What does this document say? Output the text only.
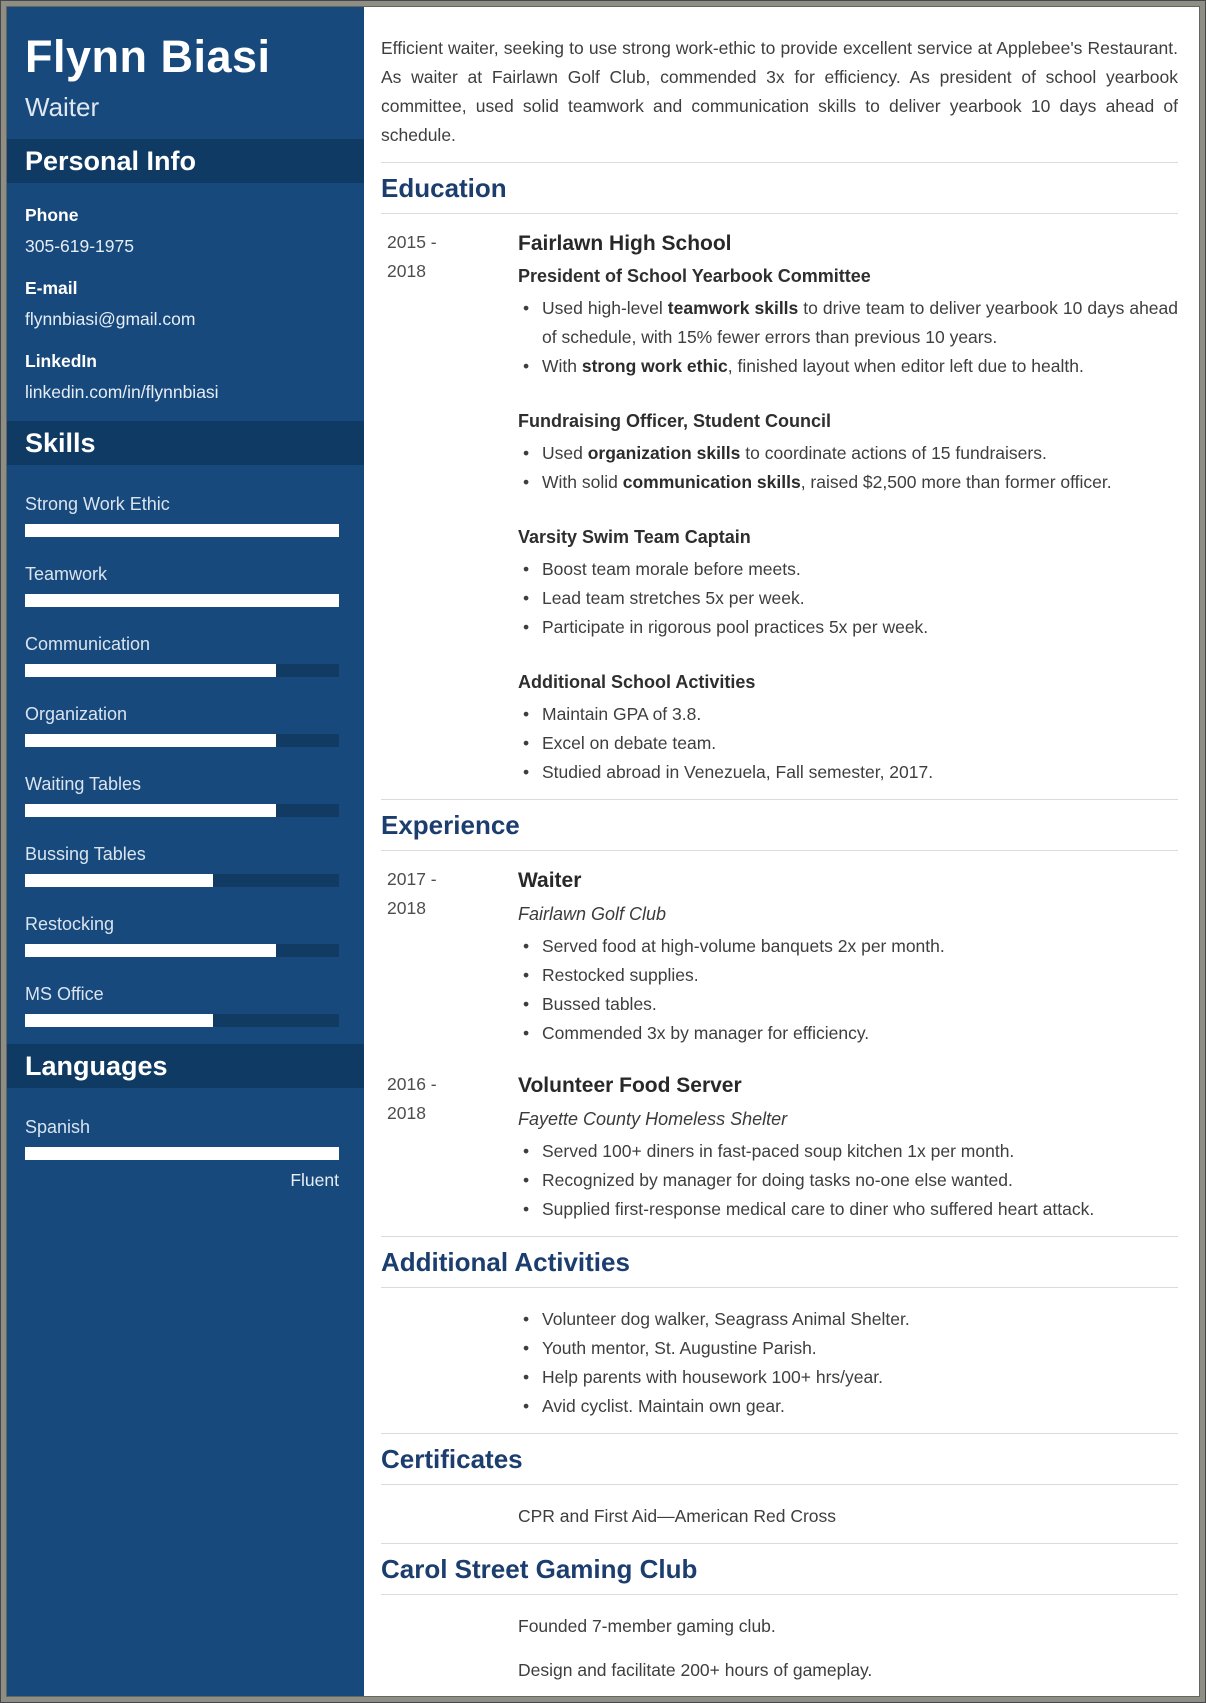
Flynn Biasi
Waiter
Personal Info
Phone
305-619-1975
E-mail
flynnbiasi@gmail.com
LinkedIn
linkedin.com/in/flynnbiasi
Skills
Strong Work Ethic
Teamwork
Communication
Organization
Waiting Tables
Bussing Tables
Restocking
MS Office
Languages
Spanish
Fluent

Efficient waiter, seeking to use strong work-ethic to provide excellent service at Applebee's Restaurant. As waiter at Fairlawn Golf Club, commended 3x for efficiency. As president of school yearbook committee, used solid teamwork and communication skills to deliver yearbook 10 days ahead of schedule.

Education
2015 -
2018
Fairlawn High School
President of School Yearbook Committee
• Used high-level teamwork skills to drive team to deliver yearbook 10 days ahead of schedule, with 15% fewer errors than previous 10 years.
• With strong work ethic, finished layout when editor left due to health.
Fundraising Officer, Student Council
• Used organization skills to coordinate actions of 15 fundraisers.
• With solid communication skills, raised $2,500 more than former officer.
Varsity Swim Team Captain
• Boost team morale before meets.
• Lead team stretches 5x per week.
• Participate in rigorous pool practices 5x per week.
Additional School Activities
• Maintain GPA of 3.8.
• Excel on debate team.
• Studied abroad in Venezuela, Fall semester, 2017.
Experience
2017 -
2018
Waiter
Fairlawn Golf Club
• Served food at high-volume banquets 2x per month.
• Restocked supplies.
• Bussed tables.
• Commended 3x by manager for efficiency.
2016 -
2018
Volunteer Food Server
Fayette County Homeless Shelter
• Served 100+ diners in fast-paced soup kitchen 1x per month.
• Recognized by manager for doing tasks no-one else wanted.
• Supplied first-response medical care to diner who suffered heart attack.
Additional Activities
• Volunteer dog walker, Seagrass Animal Shelter.
• Youth mentor, St. Augustine Parish.
• Help parents with housework 100+ hrs/year.
• Avid cyclist. Maintain own gear.
Certificates

CPR and First Aid—American Red Cross

Carol Street Gaming Club

Founded 7-member gaming club.

Design and facilitate 200+ hours of gameplay.
